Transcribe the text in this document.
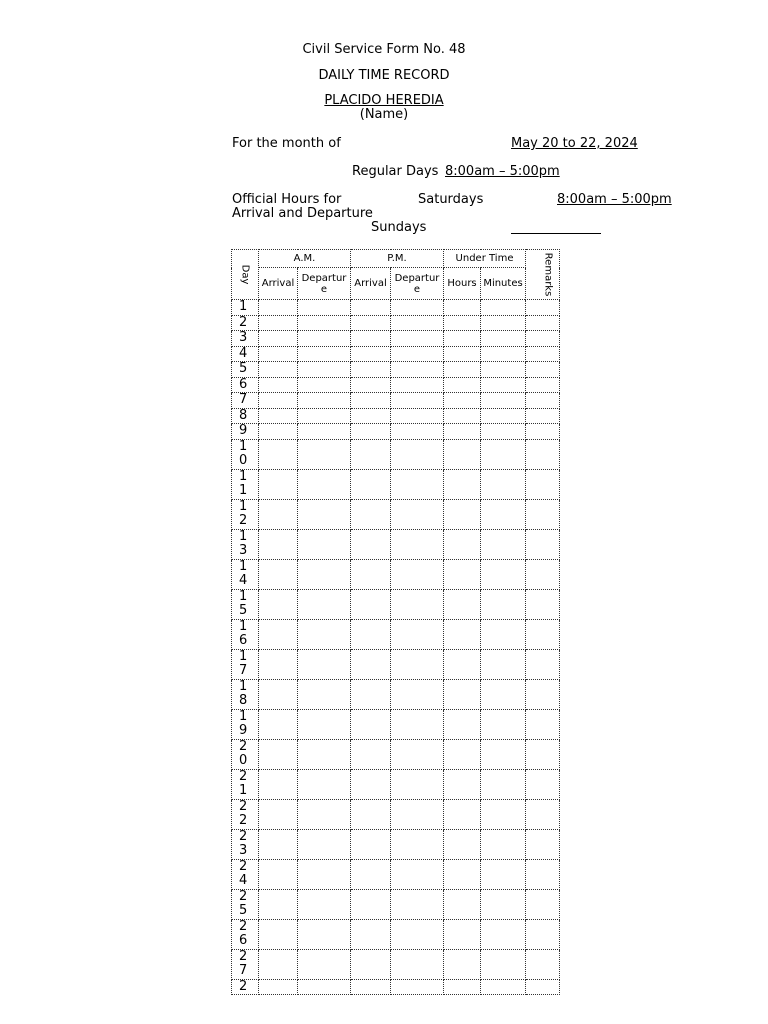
Civil Service Form No. 48
DAILY TIME RECORD
PLACIDO HEREDIA
(Name)
For the month of	May 20 to 22, 2024
Regular Days 8:00am – 5:00pm
Official Hours for
Arrival and Departure
Saturdays	8:00am – 5:00pm
Sundays
Day	A.M.		P.M.		Under Time		Remarks
	Arrival	Departure	Arrival	Departure	Hours	Minutes	

1							

2							

3							

4							

5							

6							

7							

8							

9							

10							

11							

12							

13							

14							

15							

16							

17							

18							

19							

20							

21							

22							

23							

24							

25							

26							

27							

2							
